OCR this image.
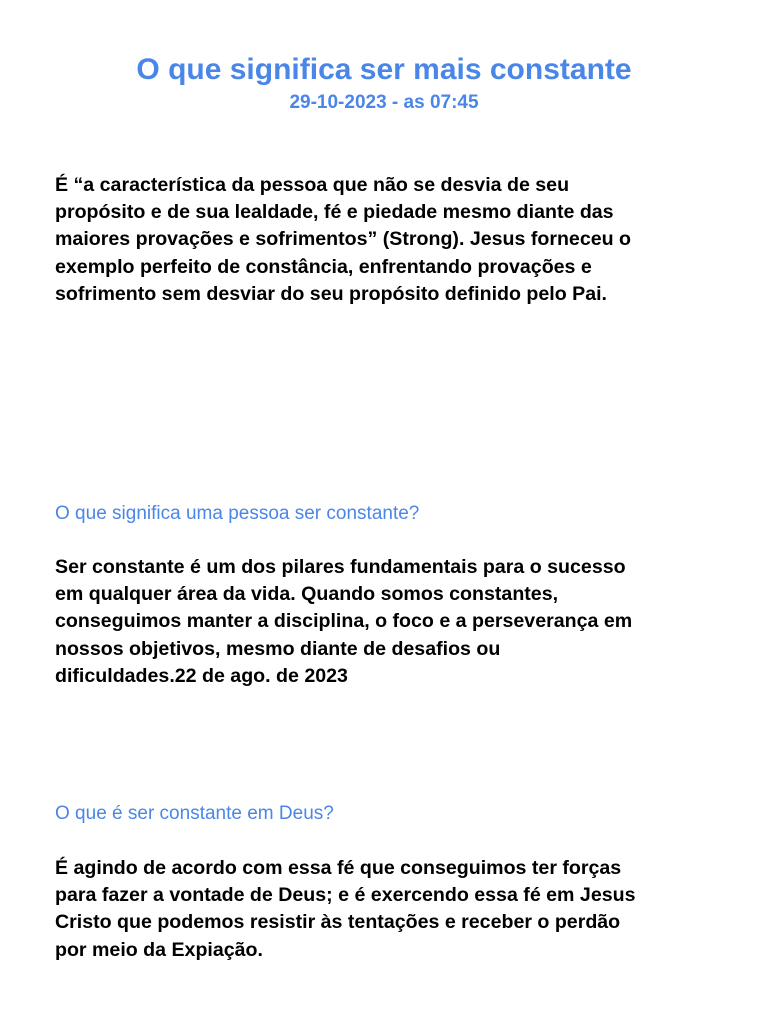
O que significa ser mais constante
29-10-2023 - as 07:45
É “a característica da pessoa que não se desvia de seu
propósito e de sua lealdade, fé e piedade mesmo diante das
maiores provações e sofrimentos” (Strong). Jesus forneceu o
exemplo perfeito de constância, enfrentando provações e
sofrimento sem desviar do seu propósito definido pelo Pai.
O que significa uma pessoa ser constante?
Ser constante é um dos pilares fundamentais para o sucesso
em qualquer área da vida. Quando somos constantes,
conseguimos manter a disciplina, o foco e a perseverança em
nossos objetivos, mesmo diante de desafios ou
dificuldades.22 de ago. de 2023
O que é ser constante em Deus?
É agindo de acordo com essa fé que conseguimos ter forças
para fazer a vontade de Deus; e é exercendo essa fé em Jesus
Cristo que podemos resistir às tentações e receber o perdão
por meio da Expiação.
